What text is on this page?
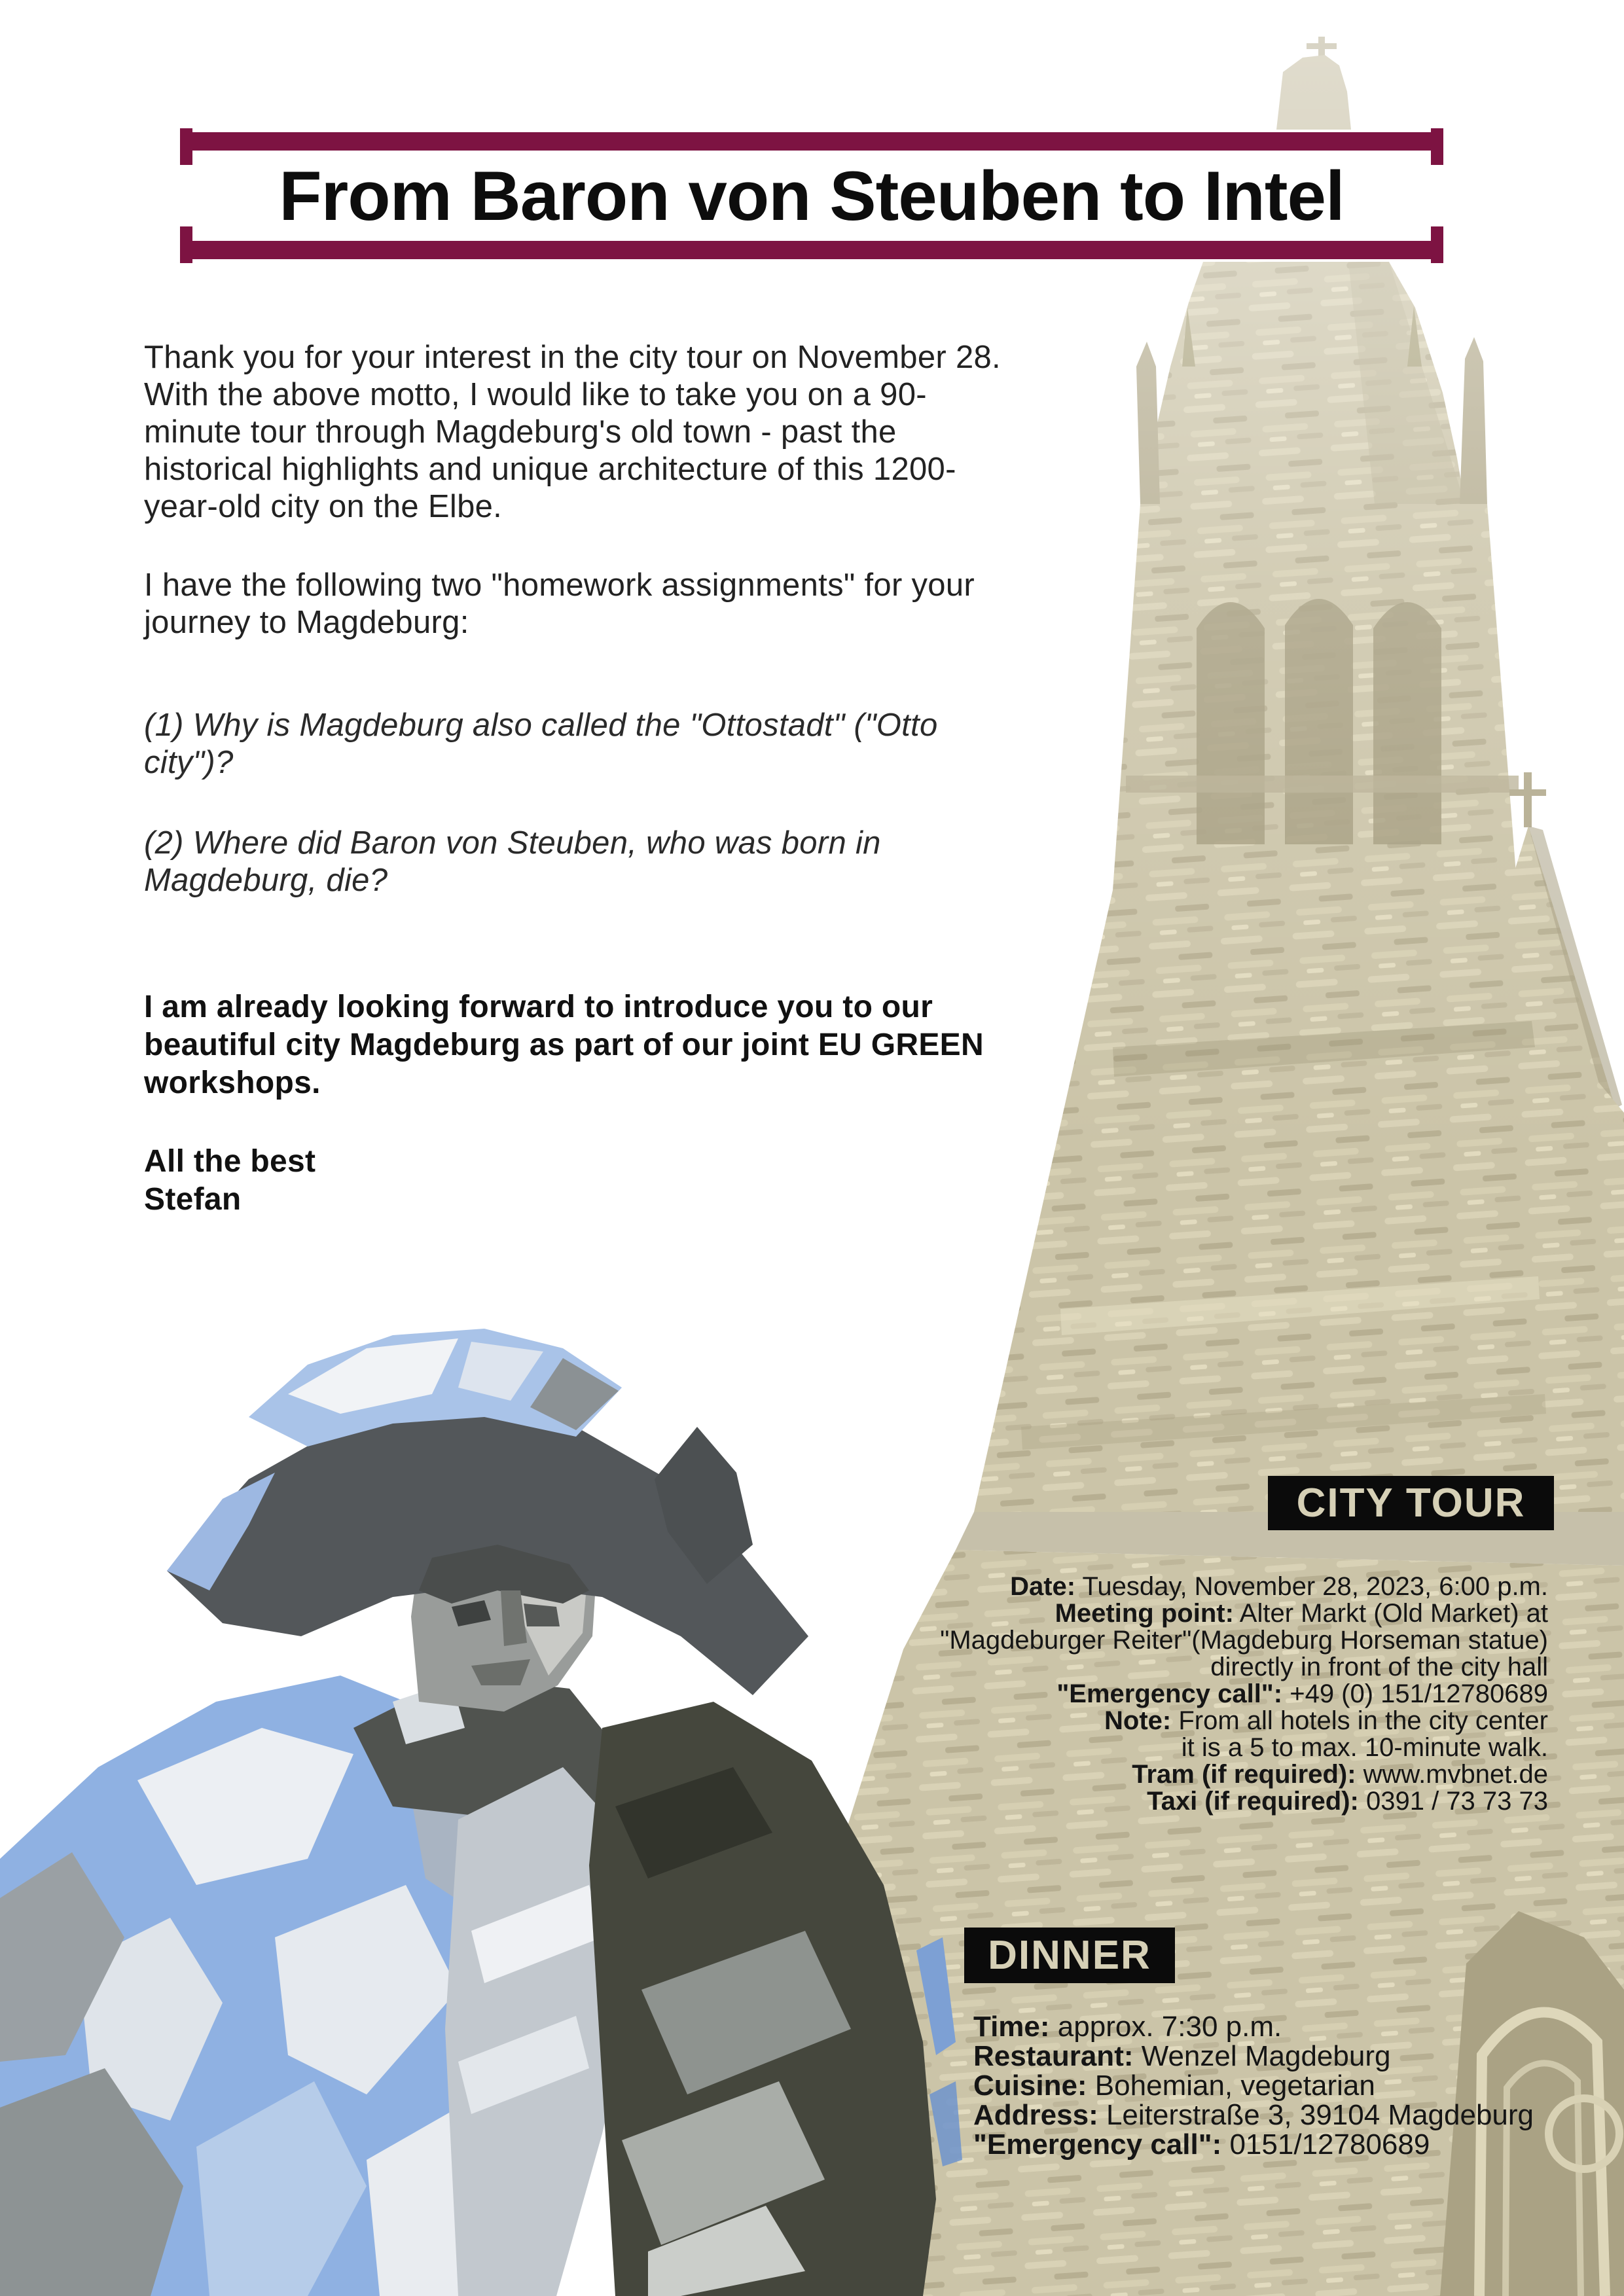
From Baron von Steuben to Intel
Thank you for your interest in the city tour on November 28. With the above motto, I would like to take you on a 90-minute tour through Magdeburg's old town - past the historical highlights and unique architecture of this 1200-year-old city on the Elbe.
I have the following two "homework assignments" for your journey to Magdeburg:
(1) Why is Magdeburg also called the "Ottostadt" ("Otto city")?
(2) Where did Baron von Steuben, who was born in Magdeburg, die?
I am already looking forward to introduce you to our beautiful city Magdeburg as part of our joint EU GREEN workshops.
All the best
Stefan
CITY TOUR
Date: Tuesday, November 28, 2023, 6:00 p.m.
Meeting point: Alter Markt (Old Market) at
"Magdeburger Reiter"(Magdeburg Horseman statue)
directly in front of the city hall
"Emergency call": +49 (0) 151/12780689
Note: From all hotels in the city center
it is a 5 to max. 10-minute walk.
Tram (if required): www.mvbnet.de
Taxi (if required): 0391 / 73 73 73
DINNER
Time: approx. 7:30 p.m.
Restaurant: Wenzel Magdeburg
Cuisine: Bohemian, vegetarian
Address: Leiterstraße 3, 39104 Magdeburg
"Emergency call": 0151/12780689
